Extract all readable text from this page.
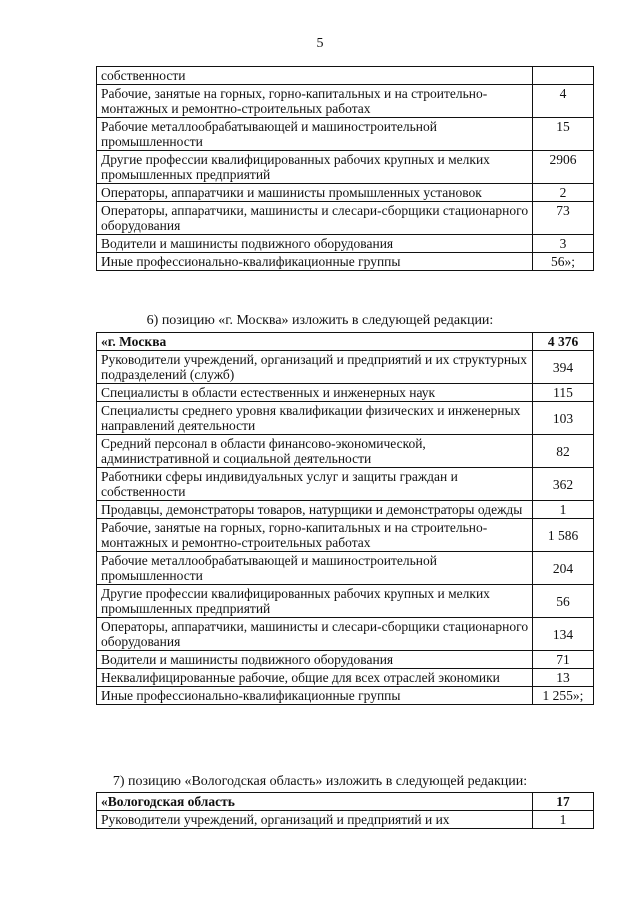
5
собственности	
Рабочие, занятые на горных, горно-капитальных и на строительно-монтажных и ремонтно-строительных работах	4
Рабочие металлообрабатывающей и машиностроительной промышленности	15
Другие профессии квалифицированных рабочих крупных и мелких промышленных предприятий	2906
Операторы, аппаратчики и машинисты промышленных установок	2
Операторы, аппаратчики, машинисты и слесари-сборщики стационарного оборудования	73
Водители и машинисты подвижного оборудования	3
Иные профессионально-квалификационные группы	56»;
6) позицию «г. Москва» изложить в следующей редакции:
«г. Москва	4 376
Руководители учреждений, организаций и предприятий и их структурных подразделений (служб)	394
Специалисты в области естественных и инженерных наук	115
Специалисты среднего уровня квалификации физических и инженерных направлений деятельности	103
Средний персонал в области финансово-экономической, административной и социальной деятельности	82
Работники сферы индивидуальных услуг и защиты граждан и собственности	362
Продавцы, демонстраторы товаров, натурщики и демонстраторы одежды	1
Рабочие, занятые на горных, горно-капитальных и на строительно-монтажных и ремонтно-строительных работах	1 586
Рабочие металлообрабатывающей и машиностроительной промышленности	204
Другие профессии квалифицированных рабочих крупных и мелких промышленных предприятий	56
Операторы, аппаратчики, машинисты и слесари-сборщики стационарного оборудования	134
Водители и машинисты подвижного оборудования	71
Неквалифицированные рабочие, общие для всех отраслей экономики	13
Иные профессионально-квалификационные группы	1 255»;
7) позицию «Вологодская область» изложить в следующей редакции:
«Вологодская область	17
Руководители учреждений, организаций и предприятий и их	1
